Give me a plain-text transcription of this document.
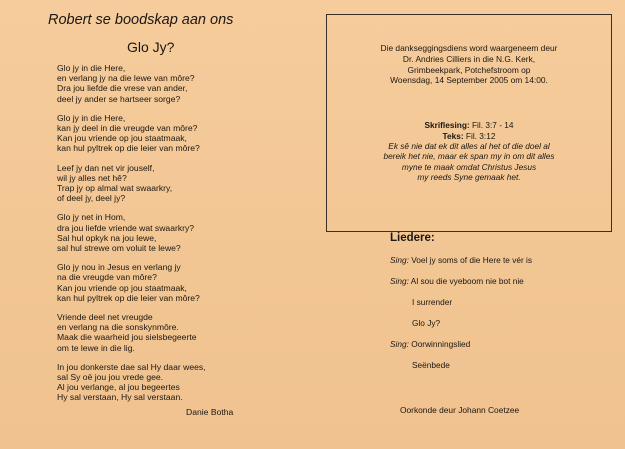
Robert se boodskap aan ons
Glo Jy?
Glo jy in die Here,
en verlang jy na die lewe van môre?
Dra jou liefde die vrese van ander,
deel jy ander se hartseer sorge?
Glo jy in die Here,
kan jy deel in die vreugde van môre?
Kan jou vriende op jou staatmaak,
kan hul pyltrek op die leier van môre?
Leef jy dan net vir jouself,
wil jy alles net hê?
Trap jy op almal wat swaarkry,
of deel jy, deel jy?
Glo jy net in Hom,
dra jou liefde vriende wat swaarkry?
Sal hul opkyk na jou lewe,
sal hul strewe om voluit te lewe?
Glo jy nou in Jesus en verlang jy
na die vreugde van môre?
Kan jou vriende op jou staatmaak,
kan hul pyltrek op die leier van môre?
Vriende deel net vreugde
en verlang na die sonskynmôre.
Maak die waarheid jou sielsbegeerte
om te lewe in die lig.
In jou donkerste dae sal Hy daar wees,
sal Sy oë jou jou vrede gee.
Al jou verlange, al jou begeertes
Hy sal verstaan, Hy sal verstaan.
Danie Botha
Die dankseggingsdiens word waargeneem deur
Dr. Andries Cilliers in die N.G. Kerk,
Grimbeekpark, Potchefstroom op
Woensdag, 14 September 2005 om 14:00.
Skriflesing: Fil. 3:7 - 14
Teks: Fil. 3:12
Ek sê nie dat ek dit alles al het of die doel al
bereik het nie, maar ek span my in om dit alles
myne te maak omdat Christus Jesus
my reeds Syne gemaak het.
Liedere:
Sing: Voel jy soms of die Here te vér is
Sing: Al sou die vyeboom nie bot nie
I surrender
Glo Jy?
Sing: Oorwinningslied
Seënbede
Oorkonde deur Johann Coetzee
